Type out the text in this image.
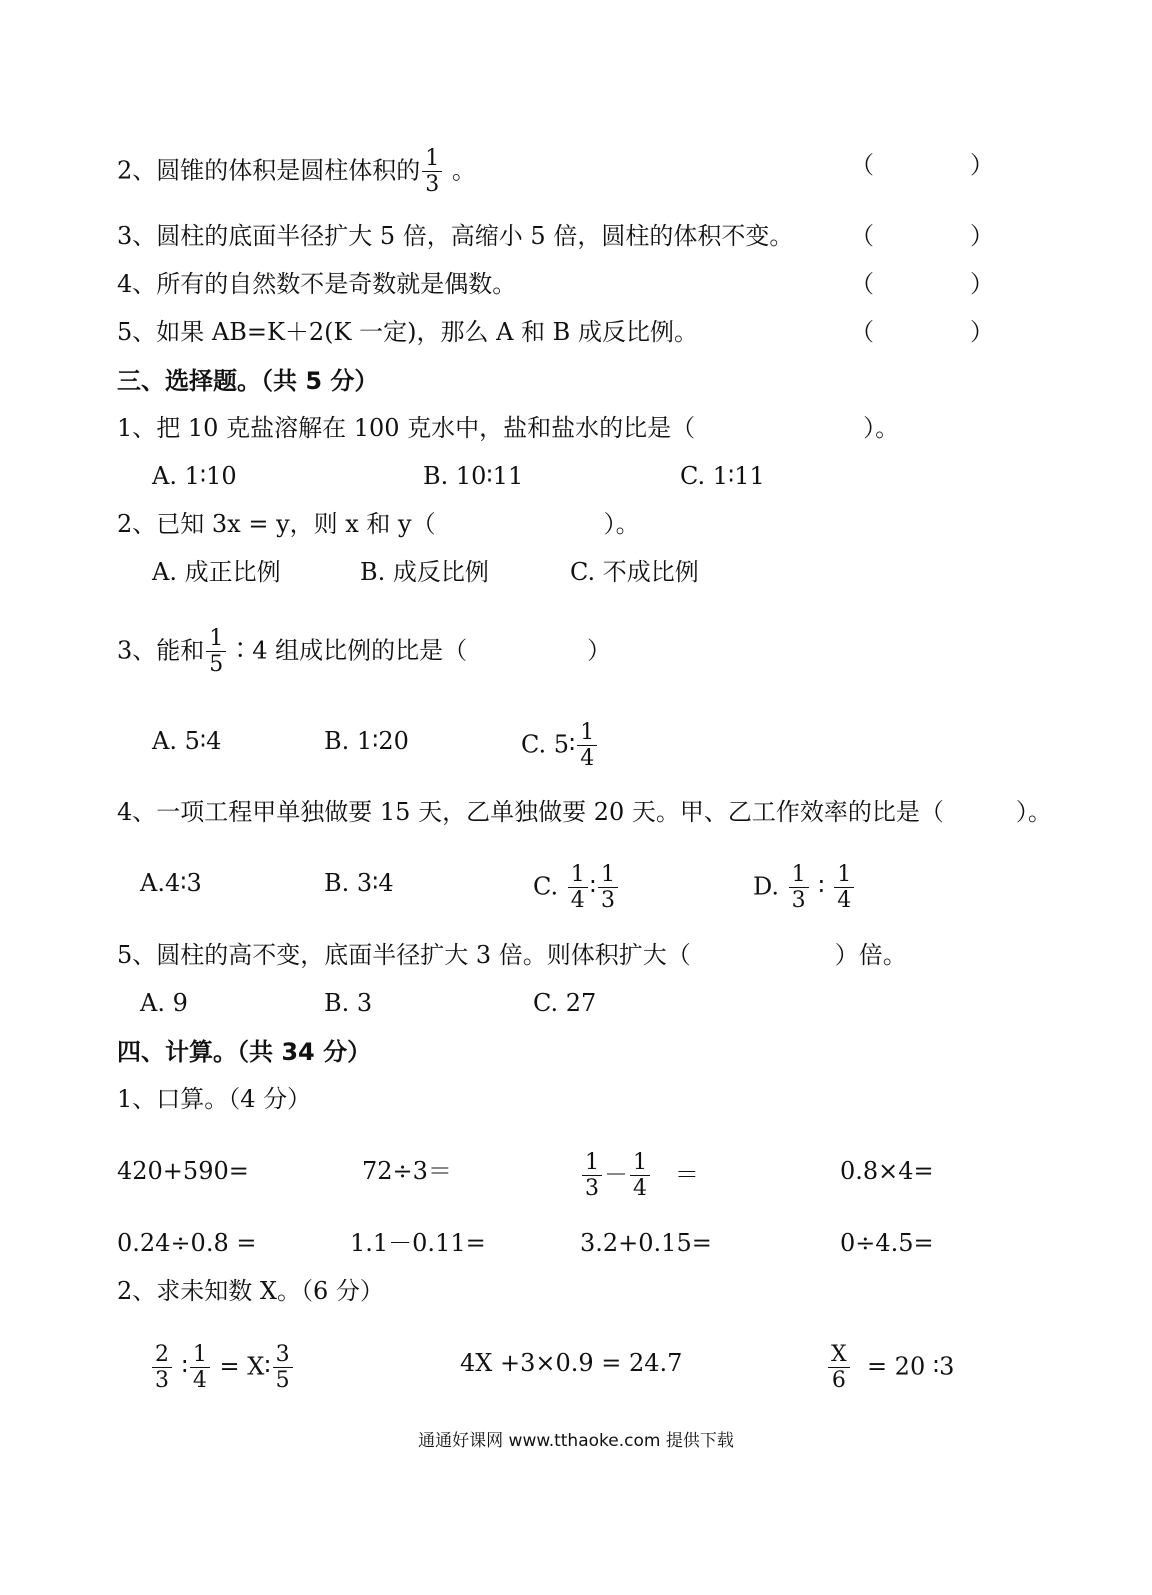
2、圆锥的体积是圆柱体积的 $\frac{1}{3}$ 。	（　　　　）
3、圆柱的底面半径扩大 5 倍，高缩小 5 倍，圆柱的体积不变。 （　　　　）
4、所有的自然数不是奇数就是偶数。	（　　　　）
5、如果 AB=K＋2(K 一定)，那么 A 和 B 成反比例。	（　　　　）
三、选择题。（共 5 分）
1、把 10 克盐溶解在 100 克水中，盐和盐水的比是（　　　　　　　）。
A. 1∶10	B. 10∶11	C. 1∶11
2、已知 3x = y，则 x 和 y（　　　　　　　）。
A. 成正比例	B. 成反比例	C. 不成比例
3、能和 $\frac{1}{5}$ ∶4 组成比例的比是（　　　　　）
A. 5∶4	B. 1∶20	C. 5∶ $\frac{1}{4}$
4、一项工程甲单独做要 15 天，乙单独做要 20 天。甲、乙工作效率的比是（　　　）。
A.4∶3	B. 3∶4	C. $\frac{1}{4}$ ∶ $\frac{1}{3}$	D. $\frac{1}{3}$ ∶ $\frac{1}{4}$
5、圆柱的高不变，底面半径扩大 3 倍。则体积扩大（　　　　　　）倍。
A. 9	B. 3	C. 27
四、计算。（共 34 分）
1、口算。（4 分）
420+590=	72÷3＝	$\frac{1}{3} - \frac{1}{4}$ ＝	0.8×4=
0.24÷0.8 =	1.1－0.11=	3.2+0.15=	0÷4.5=
2、求未知数 X。（6 分）
$\frac{2}{3}$ ∶ $\frac{1}{4}$ = X∶ $\frac{3}{5}$	4X +3×0.9 = 24.7	$\frac{X}{6} = 20$ ∶3
通通好课网 www.tthaoke.com 提供下载
